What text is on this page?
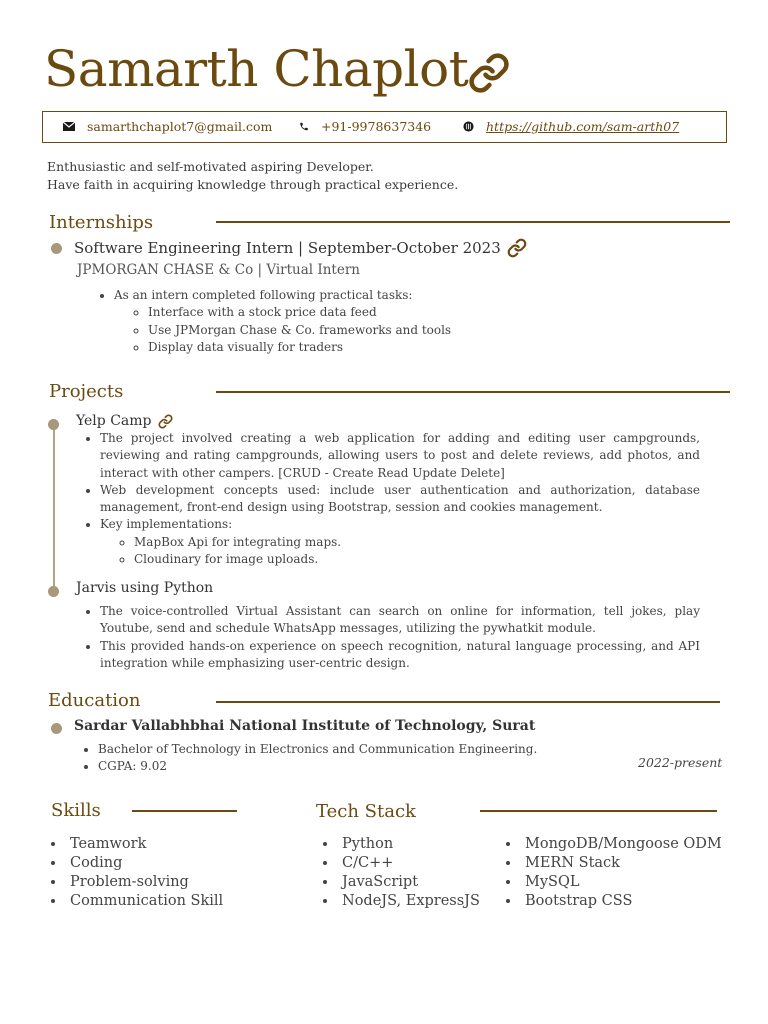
Samarth Chaplot
samarthchaplot7@gmail.com	+91-9978637346	https://github.com/sam-arth07
Enthusiastic and self-motivated aspiring Developer.
Have faith in acquiring knowledge through practical experience.
Internships
Software Engineering Intern | September-October 2023
JPMORGAN CHASE & Co | Virtual Intern
• As an intern completed following practical tasks:
◦ Interface with a stock price data feed
◦ Use JPMorgan Chase & Co. frameworks and tools
◦ Display data visually for traders
Projects
Yelp Camp
• The project involved creating a web application for adding and editing user campgrounds, reviewing and rating campgrounds, allowing users to post and delete reviews, add photos, and interact with other campers. [CRUD - Create Read Update Delete]
• Web development concepts used: include user authentication and authorization, database management, front-end design using Bootstrap, session and cookies management.
• Key implementations:
◦ MapBox Api for integrating maps.
◦ Cloudinary for image uploads.
Jarvis using Python
• The voice-controlled Virtual Assistant can search on online for information, tell jokes, play Youtube, send and schedule WhatsApp messages, utilizing the pywhatkit module.
• This provided hands-on experience on speech recognition, natural language processing, and API integration while emphasizing user-centric design.
Education
Sardar Vallabhbhai National Institute of Technology, Surat
• Bachelor of Technology in Electronics and Communication Engineering.
• CGPA: 9.02	2022-present
Skills
• Teamwork
• Coding
• Problem-solving
• Communication Skill
Tech Stack
• Python
• C/C++
• JavaScript
• NodeJS, ExpressJS
• MongoDB/Mongoose ODM
• MERN Stack
• MySQL
• Bootstrap CSS
